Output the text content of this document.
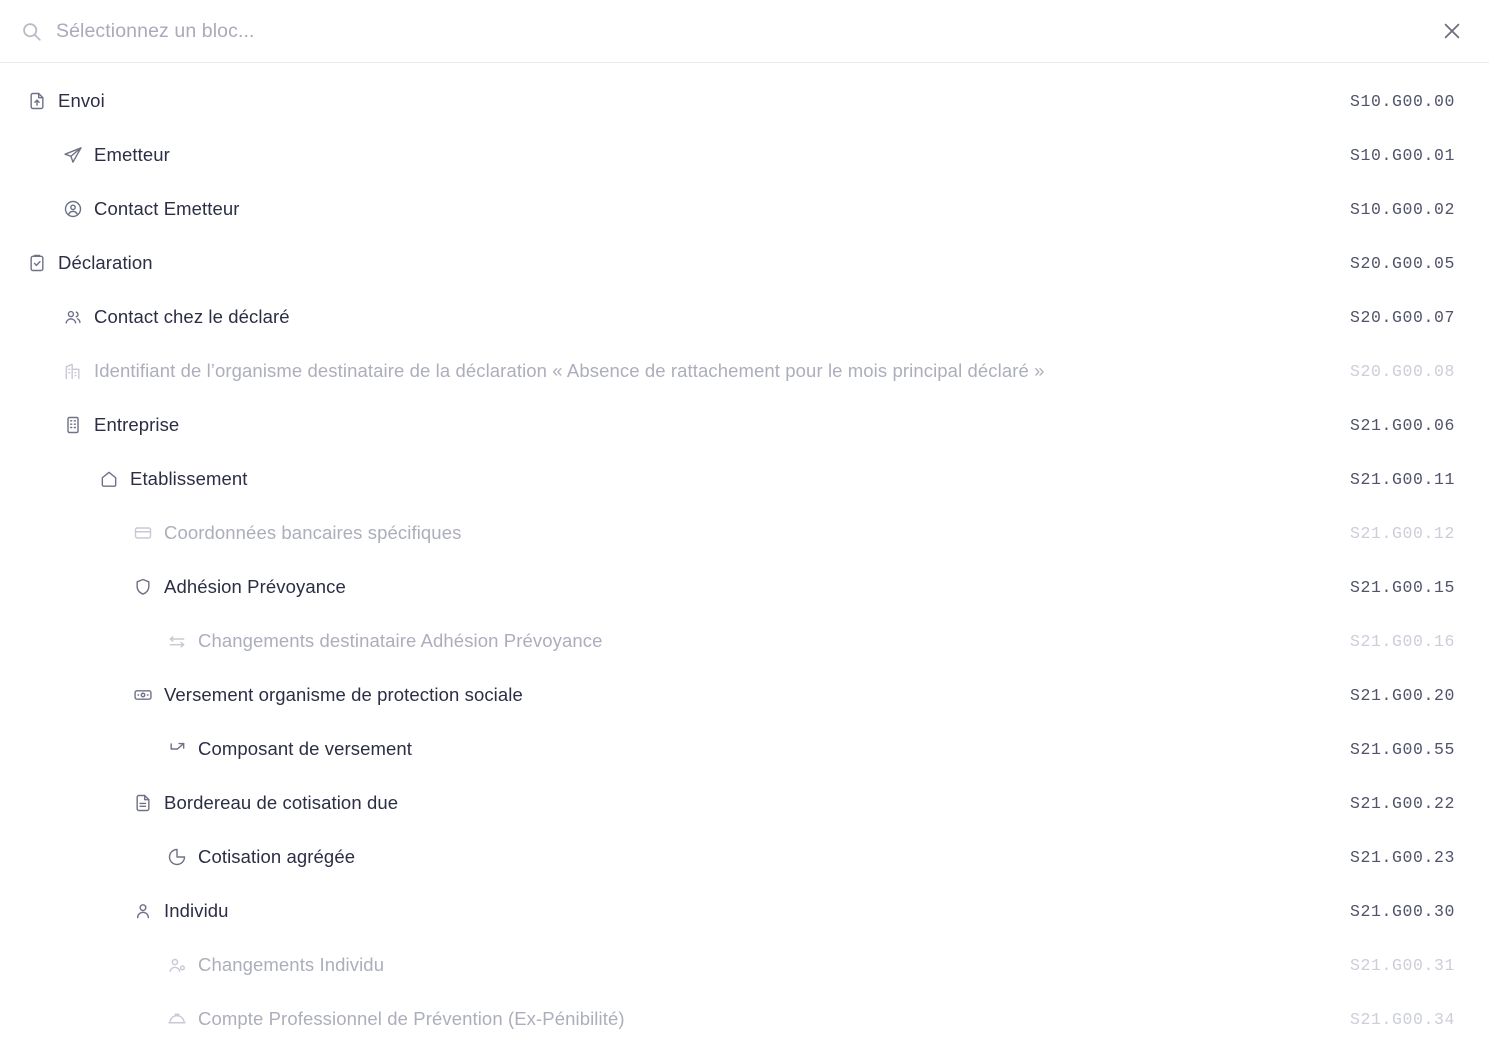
Sélectionnez un bloc...
Envoi	S10.G00.00
Emetteur	S10.G00.01
Contact Emetteur	S10.G00.02
Déclaration	S20.G00.05
Contact chez le déclaré	S20.G00.07
Identifiant de l’organisme destinataire de la déclaration « Absence de rattachement pour le mois principal déclaré »	S20.G00.08
Entreprise	S21.G00.06
Etablissement	S21.G00.11
Coordonnées bancaires spécifiques	S21.G00.12
Adhésion Prévoyance	S21.G00.15
Changements destinataire Adhésion Prévoyance	S21.G00.16
Versement organisme de protection sociale	S21.G00.20
Composant de versement	S21.G00.55
Bordereau de cotisation due	S21.G00.22
Cotisation agrégée	S21.G00.23
Individu	S21.G00.30
Changements Individu	S21.G00.31
Compte Professionnel de Prévention (Ex‑Pénibilité)	S21.G00.34
